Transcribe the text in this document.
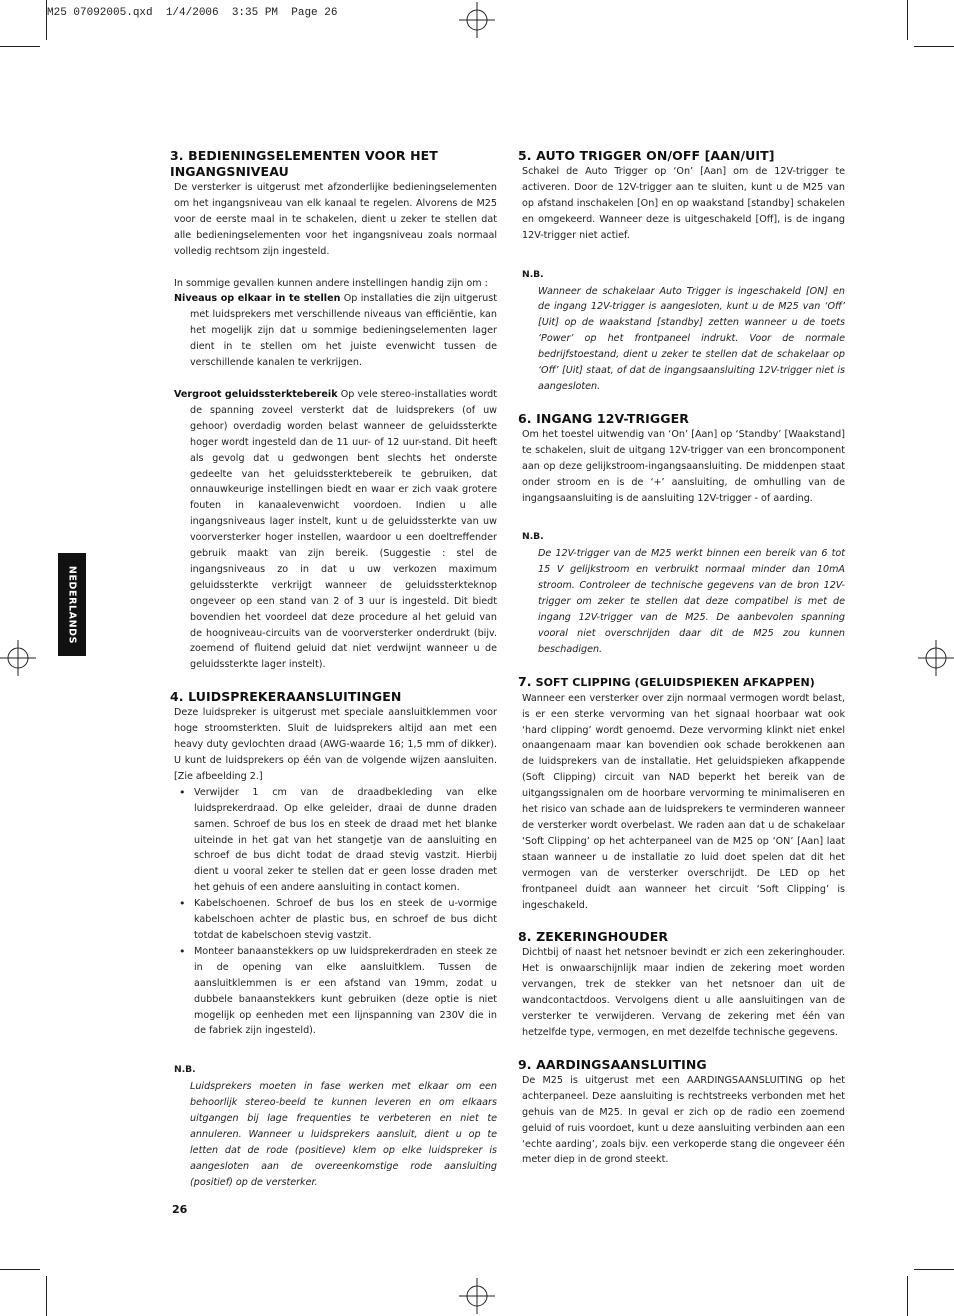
M25 07092005.qxd  1/4/2006  3:35 PM  Page 26
NEDERLANDS
3. BEDIENINGSELEMENTEN VOOR HET INGANGSNIVEAU

De versterker is uitgerust met afzonderlijke bedieningselementen om het ingangsniveau van elk kanaal te regelen. Alvorens de M25 voor de eerste maal in te schakelen, dient u zeker te stellen dat alle bedieningselementen voor het ingangsniveau zoals normaal volledig rechtsom zijn ingesteld.

In sommige gevallen kunnen andere instellingen handig zijn om :

Niveaus op elkaar in te stellen Op installaties die zijn uitgerust met luidsprekers met verschillende niveaus van efficiëntie, kan het mogelijk zijn dat u sommige bedieningselementen lager dient in te stellen om het juiste evenwicht tussen de verschillende kanalen te verkrijgen.

Vergroot geluidssterktebereik Op vele stereo-installaties wordt de spanning zoveel versterkt dat de luidsprekers (of uw gehoor) overdadig worden belast wanneer de geluidssterkte hoger wordt ingesteld dan de 11 uur- of 12 uur-stand. Dit heeft als gevolg dat u gedwongen bent slechts het onderste gedeelte van het geluidssterktebereik te gebruiken, dat onnauwkeurige instellingen biedt en waar er zich vaak grotere fouten in kanaalevenwicht voordoen. Indien u alle ingangsniveaus lager instelt, kunt u de geluidssterkte van uw voorversterker hoger instellen, waardoor u een doeltreffender gebruik maakt van zijn bereik. (Suggestie : stel de ingangsniveaus zo in dat u uw verkozen maximum geluidssterkte verkrijgt wanneer de geluidssterkteknop ongeveer op een stand van 2 of 3 uur is ingesteld. Dit biedt bovendien het voordeel dat deze procedure al het geluid van de hoogniveau-circuits van de voorversterker onderdrukt (bijv. zoemend of fluitend geluid dat niet verdwijnt wanneer u de geluidssterkte lager instelt).

4. LUIDSPREKERAANSLUITINGEN

Deze luidspreker is uitgerust met speciale aansluitklemmen voor hoge stroomsterkten. Sluit de luidsprekers altijd aan met een heavy duty gevlochten draad (AWG-waarde 16; 1,5 mm of dikker). U kunt de luidsprekers op één van de volgende wijzen aansluiten. [Zie afbeelding 2.]

• Verwijder 1 cm van de draadbekleding van elke luidsprekerdraad. Op elke geleider, draai de dunne draden samen. Schroef de bus los en steek de draad met het blanke uiteinde in het gat van het stangetje van de aansluiting en schroef de bus dicht todat de draad stevig vastzit. Hierbij dient u vooral zeker te stellen dat er geen losse draden met het gehuis of een andere aansluiting in contact komen.
• Kabelschoenen. Schroef de bus los en steek de u-vormige kabelschoen achter de plastic bus, en schroef de bus dicht totdat de kabelschoen stevig vastzit.
• Monteer banaanstekkers op uw luidsprekerdraden en steek ze in de opening van elke aansluitklem. Tussen de aansluitklemmen is er een afstand van 19mm, zodat u dubbele banaanstekkers kunt gebruiken (deze optie is niet mogelijk op eenheden met een lijnspanning van 230V die in de fabriek zijn ingesteld).
N.B.

Luidsprekers moeten in fase werken met elkaar om een behoorlijk stereo-beeld te kunnen leveren en om elkaars uitgangen bij lage frequenties te verbeteren en niet te annuleren. Wanneer u luidsprekers aansluit, dient u op te letten dat de rode (positieve) klem op elke luidspreker is aangesloten aan de overeenkomstige rode aansluiting (positief) op de versterker.

5. AUTO TRIGGER ON/OFF [AAN/UIT]

Schakel de Auto Trigger op ‘On’ [Aan] om de 12V-trigger te activeren. Door de 12V-trigger aan te sluiten, kunt u de M25 van op afstand inschakelen [On] en op waakstand [standby] schakelen en omgekeerd. Wanneer deze is uitgeschakeld [Off], is de ingang 12V-trigger niet actief.

N.B.

Wanneer de schakelaar Auto Trigger is ingeschakeld [ON] en de ingang 12V-trigger is aangesloten, kunt u de M25 van ‘Off’ [Uit] op de waakstand [standby] zetten wanneer u de toets ‘Power’ op het frontpaneel indrukt. Voor de normale bedrijfstoestand, dient u zeker te stellen dat de schakelaar op ‘Off’ [Uit] staat, of dat de ingangsaansluiting 12V-trigger niet is aangesloten.

6. INGANG 12V-TRIGGER

Om het toestel uitwendig van ‘On’ [Aan] op ‘Standby’ [Waakstand] te schakelen, sluit de uitgang 12V-trigger van een broncomponent aan op deze gelijkstroom-ingangsaansluiting. De middenpen staat onder stroom en is de ‘+’ aansluiting, de omhulling van de ingangsaansluiting is de aansluiting 12V-trigger - of aarding.

N.B.

De 12V-trigger van de M25 werkt binnen een bereik van 6 tot 15 V gelijkstroom en verbruikt normaal minder dan 10mA stroom. Controleer de technische gegevens van de bron 12V-trigger om zeker te stellen dat deze compatibel is met de ingang 12V-trigger van de M25. De aanbevolen spanning vooral niet overschrijden daar dit de M25 zou kunnen beschadigen.

7. SOFT CLIPPING (GELUIDSPIEKEN AFKAPPEN)

Wanneer een versterker over zijn normaal vermogen wordt belast, is er een sterke vervorming van het signaal hoorbaar wat ook ‘hard clipping’ wordt genoemd. Deze vervorming klinkt niet enkel onaangenaam maar kan bovendien ook schade berokkenen aan de luidsprekers van de installatie. Het geluidspieken afkappende (Soft Clipping) circuit van NAD beperkt het bereik van de uitgangssignalen om de hoorbare vervorming te minimaliseren en het risico van schade aan de luidsprekers te verminderen wanneer de versterker wordt overbelast. We raden aan dat u de schakelaar ‘Soft Clipping’ op het achterpaneel van de M25 op ‘ON’ [Aan] laat staan wanneer u de installatie zo luid doet spelen dat dit het vermogen van de versterker overschrijdt. De LED op het frontpaneel duidt aan wanneer het circuit ‘Soft Clipping’ is ingeschakeld.

8. ZEKERINGHOUDER

Dichtbij of naast het netsnoer bevindt er zich een zekeringhouder. Het is onwaarschijnlijk maar indien de zekering moet worden vervangen, trek de stekker van het netsnoer dan uit de wandcontactdoos. Vervolgens dient u alle aansluitingen van de versterker te verwijderen. Vervang de zekering met één van hetzelfde type, vermogen, en met dezelfde technische gegevens.

9. AARDINGSAANSLUITING

De M25 is uitgerust met een AARDINGSAANSLUITING op het achterpaneel. Deze aansluiting is rechtstreeks verbonden met het gehuis van de M25. In geval er zich op de radio een zoemend geluid of ruis voordoet, kunt u deze aansluiting verbinden aan een ‘echte aarding’, zoals bijv. een verkoperde stang die ongeveer één meter diep in de grond steekt.

26
